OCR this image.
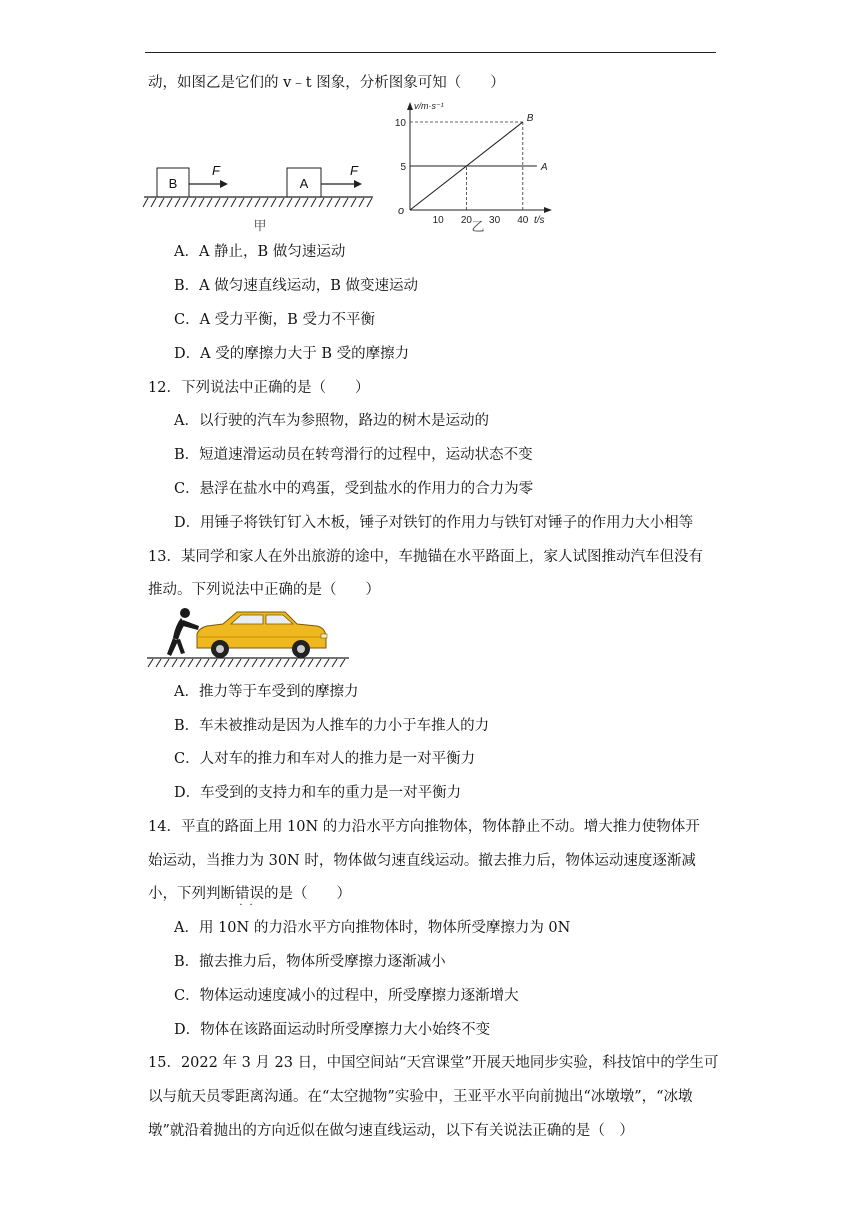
动，如图乙是它们的 v﹣t 图象，分析图象可知（　　）
B
F
A
F
甲
v/m·s⁻¹
t/s
o
10 20 30 40
5
10
A
B
乙
A．A 静止，B 做匀速运动
B．A 做匀速直线运动，B 做变速运动
C．A 受力平衡，B 受力不平衡
D．A 受的摩擦力大于 B 受的摩擦力
12．下列说法中正确的是（　　）
A．以行驶的汽车为参照物，路边的树木是运动的
B．短道速滑运动员在转弯滑行的过程中，运动状态不变
C．悬浮在盐水中的鸡蛋，受到盐水的作用力的合力为零
D．用锤子将铁钉钉入木板，锤子对铁钉的作用力与铁钉对锤子的作用力大小相等
13．某同学和家人在外出旅游的途中，车抛锚在水平路面上，家人试图推动汽车但没有
推动。下列说法中正确的是（　　）
A．推力等于车受到的摩擦力
B．车未被推动是因为人推车的力小于车推人的力
C．人对车的推力和车对人的推力是一对平衡力
D．车受到的支持力和车的重力是一对平衡力
14．平直的路面上用 10N 的力沿水平方向推物体，物体静止不动。增大推力使物体开
始运动，当推力为 30N 时，物体做匀速直线运动。撤去推力后，物体运动速度逐渐减
小，下列判断错误
··
的是（　　）
A．用 10N 的力沿水平方向推物体时，物体所受摩擦力为 0N
B．撤去推力后，物体所受摩擦力逐渐减小
C．物体运动速度减小的过程中，所受摩擦力逐渐增大
D．物体在该路面运动时所受摩擦力大小始终不变
15．2022 年 3 月 23 日，中国空间站“天宫课堂”开展天地同步实验，科技馆中的学生可
以与航天员零距离沟通。在“太空抛物”实验中，王亚平水平向前抛出“冰墩墩”，“冰墩
墩”就沿着抛出的方向近似在做匀速直线运动，以下有关说法正确的是（　）
